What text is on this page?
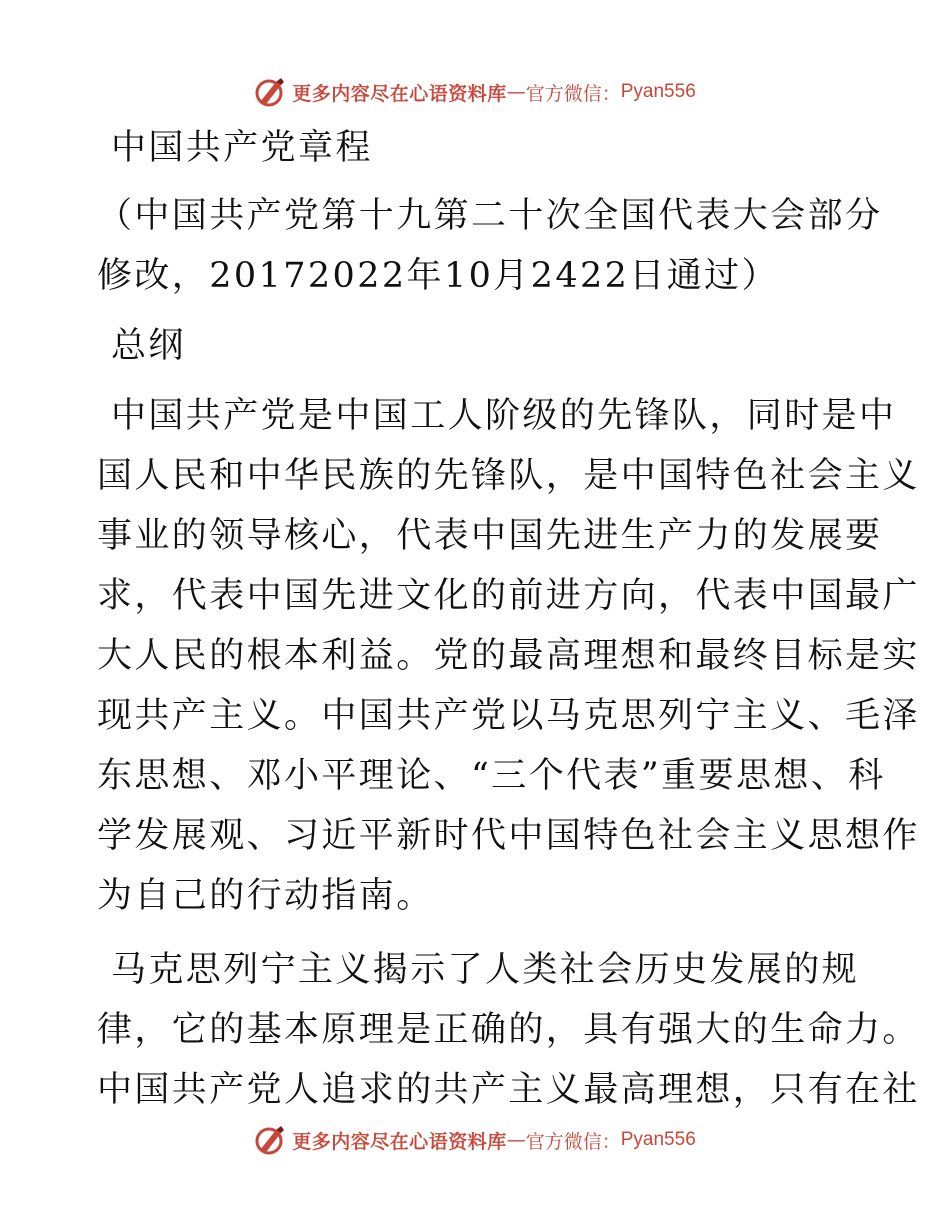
更多内容尽在心语资料库 — 官方微信： Pyan556

中国共产党章程

（中国共产党第十九第二十次全国代表大会部分
修改，20172022年10月2422日通过）

总纲

中国共产党是中国工人阶级的先锋队，同时是中
国人民和中华民族的先锋队，是中国特色社会主义
事业的领导核心，代表中国先进生产力的发展要
求，代表中国先进文化的前进方向，代表中国最广
大人民的根本利益。党的最高理想和最终目标是实
现共产主义。中国共产党以马克思列宁主义、毛泽
东思想、邓小平理论、“三个代表”重要思想、科
学发展观、习近平新时代中国特色社会主义思想作
为自己的行动指南。

马克思列宁主义揭示了人类社会历史发展的规
律，它的基本原理是正确的，具有强大的生命力。
中国共产党人追求的共产主义最高理想，只有在社

更多内容尽在心语资料库 — 官方微信： Pyan556
